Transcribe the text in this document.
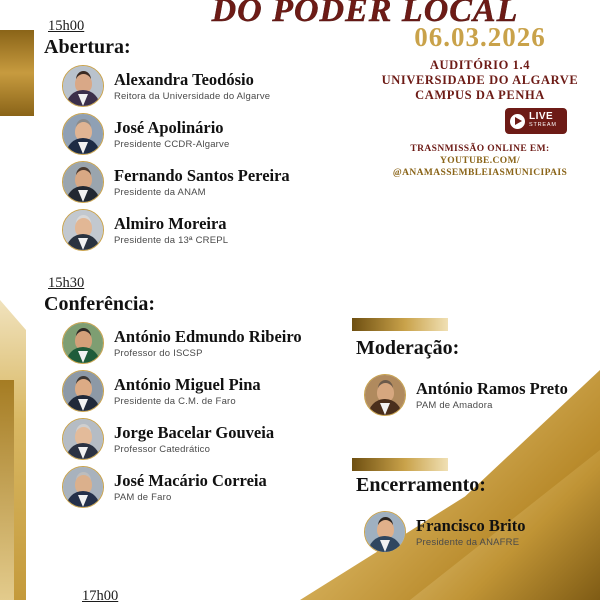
DO PODER LOCAL
06.03.2026
AUDITÓRIO 1.4
UNIVERSIDADE DO ALGARVE
CAMPUS DA PENHA
LIVE
STREAM
TRASNMISSÃO ONLINE EM:
YOUTUBE.COM/
@ANAMASSEMBLEIASMUNICIPAIS
15h00
Abertura:
Alexandra Teodósio
Reitora da Universidade do Algarve
José Apolinário
Presidente CCDR-Algarve
Fernando Santos Pereira
Presidente da ANAM
Almiro Moreira
Presidente da 13ª CREPL
15h30
Conferência:
António Edmundo Ribeiro
Professor do ISCSP
António Miguel Pina
Presidente da C.M. de Faro
Jorge Bacelar Gouveia
Professor Catedrático
José Macário Correia
PAM de Faro
17h00
Moderação:
António Ramos Preto
PAM de Amadora
Encerramento:
Francisco Brito
Presidente da ANAFRE
